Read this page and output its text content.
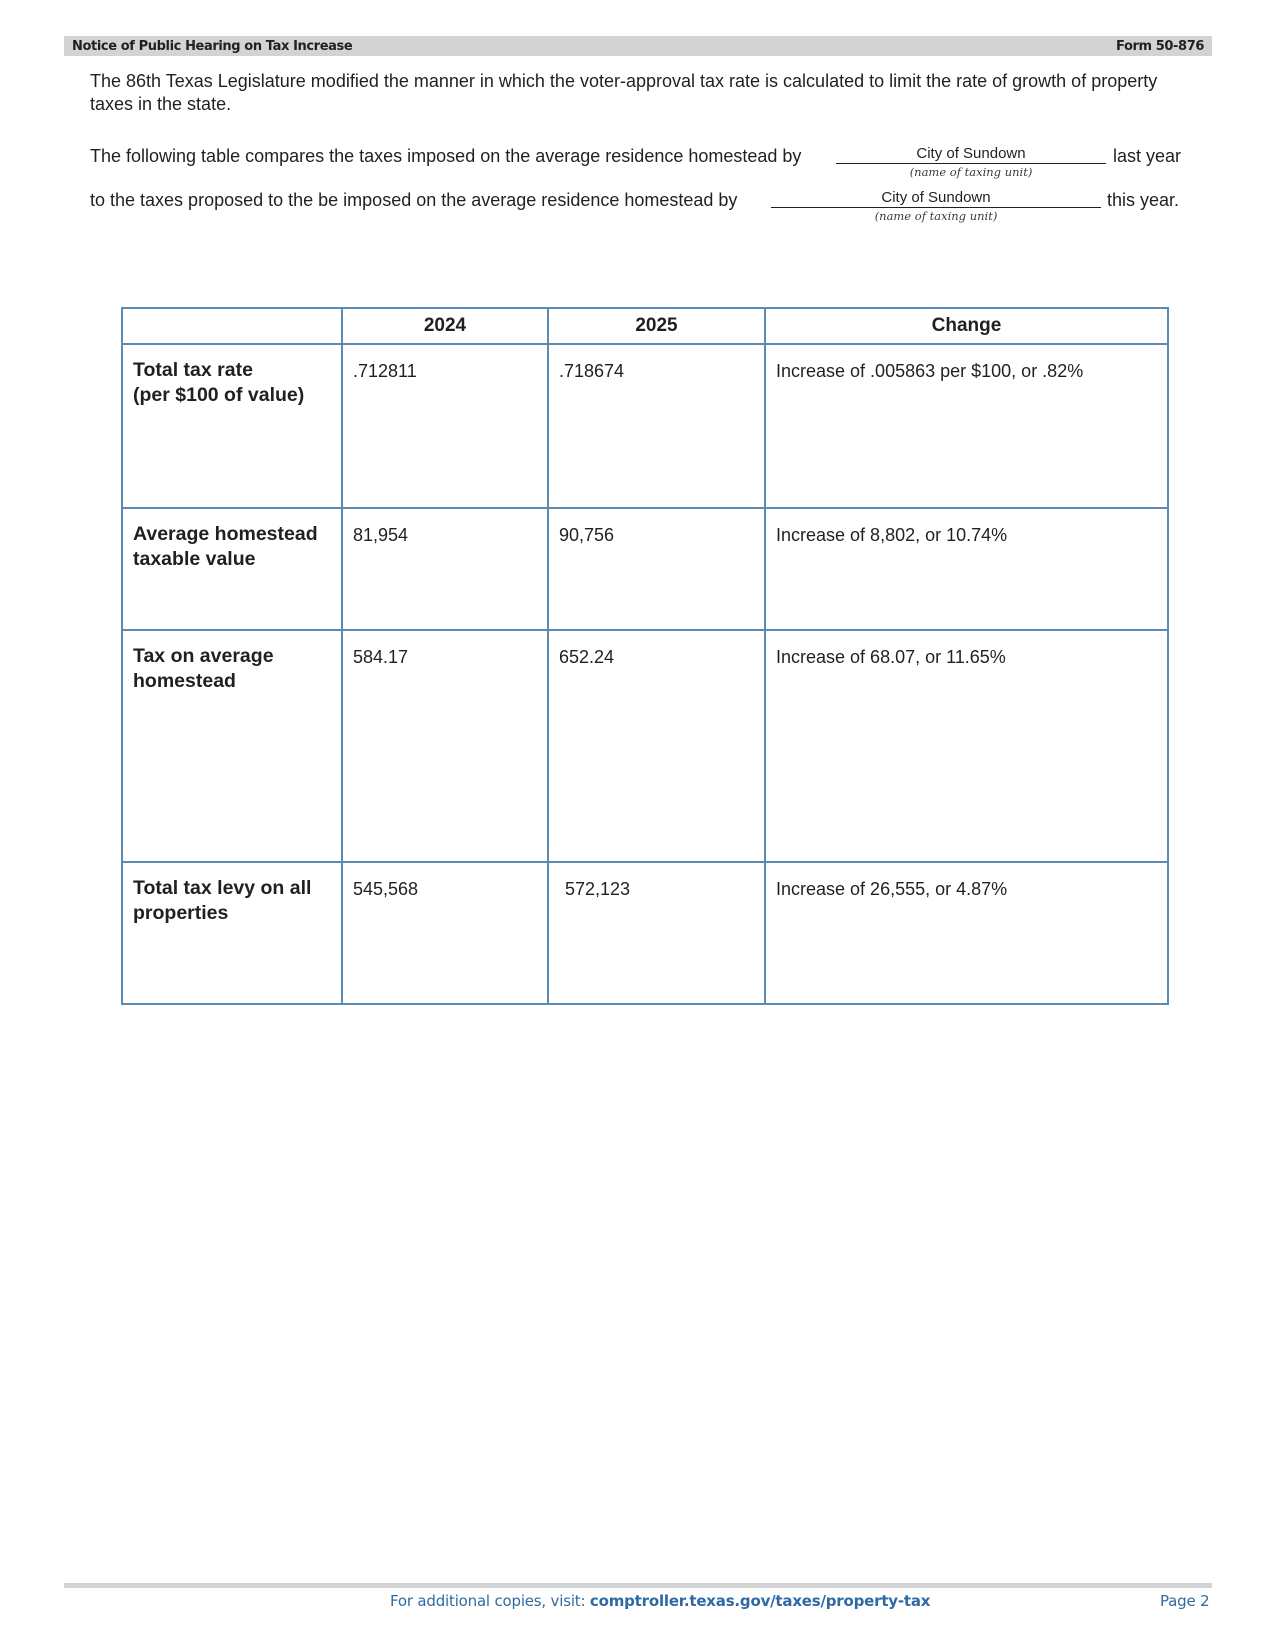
Notice of Public Hearing on Tax Increase	Form 50-876

The 86th Texas Legislature modified the manner in which the voter-approval tax rate is calculated to limit the rate of growth of property taxes in the state.

The following table compares the taxes imposed on the average residence homestead by	City of Sundown	last year
(name of taxing unit)
to the taxes proposed to the be imposed on the average residence homestead by	City of Sundown	this year.
(name of taxing unit)
	2024	2025	Change
Total tax rate
(per $100 of value)	.712811	.718674	Increase of .005863 per $100, or .82%
Average homestead
taxable value	81,954	90,756	Increase of 8,802, or 10.74%
Tax on average
homestead	584.17	652.24	Increase of 68.07, or 11.65%
Total tax levy on all
properties	545,568	572,123	Increase of 26,555, or 4.87%
For additional copies, visit: comptroller.texas.gov/taxes/property-tax	Page 2
